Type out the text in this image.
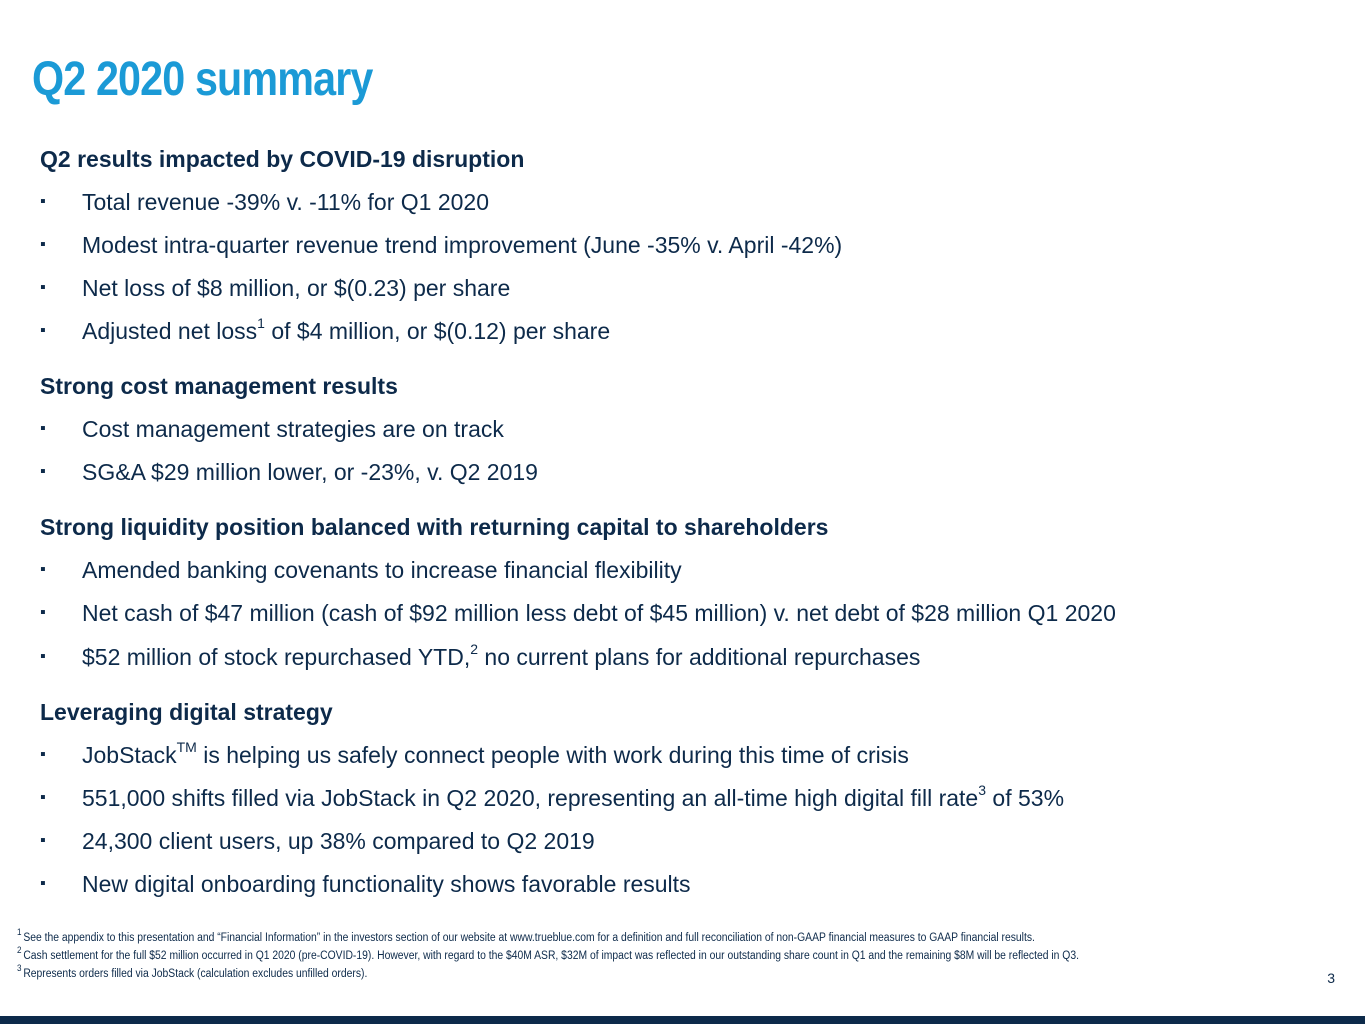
Q2 2020 summary
Q2 results impacted by COVID-19 disruption
▪ Total revenue -39% v. -11% for Q1 2020
▪ Modest intra-quarter revenue trend improvement (June -35% v. April -42%)
▪ Net loss of $8 million, or $(0.23) per share
▪ Adjusted net loss$^1$ of $4 million, or $(0.12) per share
Strong cost management results
▪ Cost management strategies are on track
▪ SG&A $29 million lower, or -23%, v. Q2 2019
Strong liquidity position balanced with returning capital to shareholders
▪ Amended banking covenants to increase financial flexibility
▪ Net cash of $47 million (cash of $92 million less debt of $45 million) v. net debt of $28 million Q1 2020
▪ $52 million of stock repurchased YTD,$^2$ no current plans for additional repurchases
Leveraging digital strategy
▪ JobStack™ is helping us safely connect people with work during this time of crisis
▪ 551,000 shifts filled via JobStack in Q2 2020, representing an all-time high digital fill rate$^3$ of 53%
▪ 24,300 client users, up 38% compared to Q2 2019
▪ New digital onboarding functionality shows favorable results
$^1$ See the appendix to this presentation and “Financial Information” in the investors section of our website at www.trueblue.com for a definition and full reconciliation of non-GAAP financial measures to GAAP financial results.
$^2$ Cash settlement for the full $52 million occurred in Q1 2020 (pre-COVID-19). However, with regard to the $40M ASR, $32M of impact was reflected in our outstanding share count in Q1 and the remaining $8M will be reflected in Q3.
$^3$ Represents orders filled via JobStack (calculation excludes unfilled orders).	3
